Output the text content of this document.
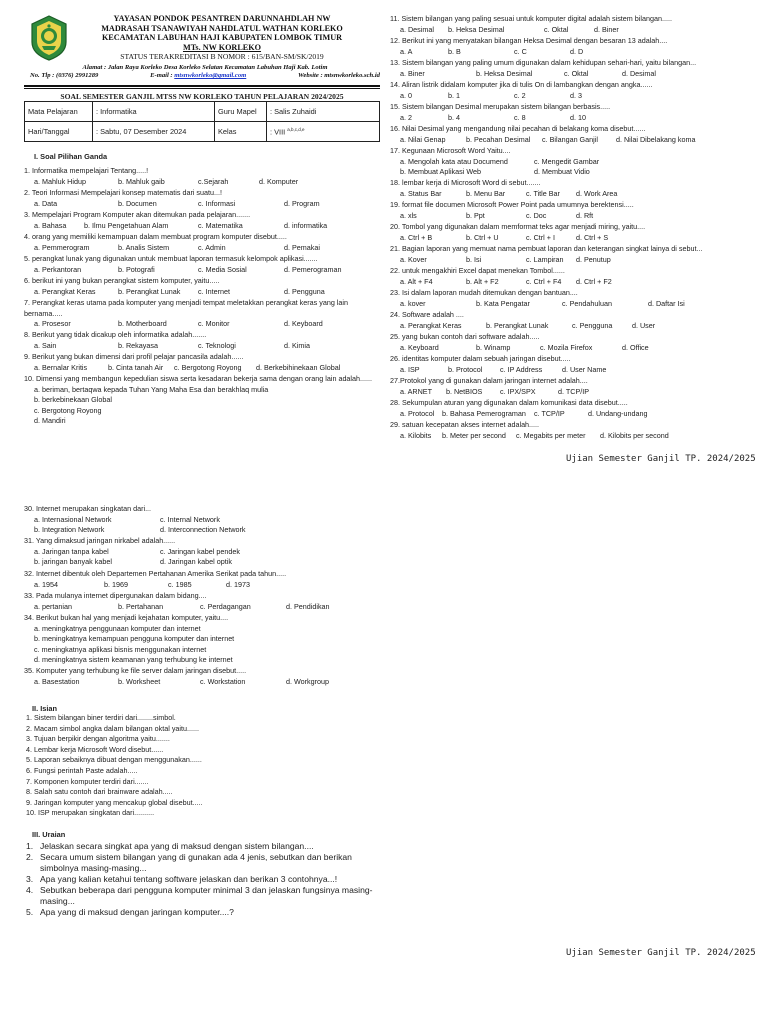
YAYASAN PONDOK PESANTREN DARUNNAHDLAH NW
MADRASAH TSANAWIYAH NAHDLATUL WATHAN KORLEKO
KECAMATAN LABUHAN HAJI KABUPATEN LOMBOK TIMUR
MTs. NW KORLEKO
STATUS TERAKREDITASI B NOMOR : 615/BAN-SM/SK/2019
Alamat : Jalan Raya Korleko Desa Korleko Selatan Kecamatan Labuhan Haji Kab. Lotim
No. Tlp : (0376) 2991289	E-mail : mtsnwkorleko@gmail.com	Website : mtsnwkorleko.sch.id
SOAL SEMESTER GANJIL MTSS NW KORLEKO TAHUN PELAJARAN 2024/2025
Mata Pelajaran	: Informatika	Guru Mapel	: Salis Zuhaidi
Hari/Tanggal	: Sabtu, 07 Desember 2024	Kelas	: VIII $^{a,b,c,d,e}$
I. Soal Pilihan Ganda
1. Informatika mempelajari Tentang.....!
a. Mahluk Hidup	b. Mahluk gaib	c.Sejarah	d. Komputer
2. Teori Informasi Mempelajari konsep matematis dari suatu...!
a. Data	b. Documen	c. Informasi	d. Program
3. Mempelajari Program Komputer akan ditemukan pada pelajaran.......
a. Bahasa	b. Ilmu Pengetahuan Alam	c. Matematika	d. informatika
4. orang yang memiliki kemampuan dalam membuat program komputer disebut.....
a. Pemmerogram	b. Analis Sistem	c. Admin	d. Pemakai
5. perangkat lunak yang digunakan untuk membuat laporan termasuk kelompok aplikasi.......
a. Perkantoran	b. Potografi	c. Media Sosial	d. Pemerograman
6. berikut ini yang bukan perangkat sistem komputer, yaitu.....
a. Perangkat Keras	b. Perangkat Lunak	c. Internet	d. Pengguna
7. Perangkat keras utama pada komputer yang menjadi tempat meletakkan perangkat keras yang lain bernama.....
a. Prosesor	b. Motherboard	c. Monitor	d. Keyboard
8. Berikut yang tidak dicakup oleh informatika adalah.......
a. Sain	b. Rekayasa	c. Teknologi	d. Kimia
9. Berikut yang bukan dimensi dari profil pelajar pancasila adalah......
a. Bernalar Kritis	b. Cinta tanah Air	c. Bergotong Royong	d. Berkebihinekaan Global
10. Dimensi yang membangun kepedulian siswa serta kesadaran bekerja sama dengan orang lain adalah......
a. beriman, bertaqwa kepada Tuhan Yang Maha Esa dan berakhlaq mulia
b. berkebinekaan Global
c. Bergotong Royong
d. Mandiri
11. Sistem bilangan yang paling sesuai untuk komputer digital adalah sistem bilangan.....
a. Desimal	b. Heksa Desimal	c. Oktal	d. Biner
12. Berikut ini yang menyatakan bilangan Heksa Desimal dengan besaran 13 adalah....
a. A	b. B	c. C	d. D
13. Sistem bilangan yang paling umum digunakan dalam kehidupan sehari-hari, yaitu bilangan...
a. Biner	b. Heksa Desimal	c. Oktal	d. Desimal
14. Aliran listrik didalam komputer jika di tulis On di lambangkan dengan angka......
a. 0	b. 1	c. 2	d. 3
15. Sistem bilangan Desimal merupakan sistem bilangan berbasis.....
a. 2	b. 4	c. 8	d. 10
16. Nilai Desimal yang mengandung nilai pecahan di belakang koma disebut......
a. Nilai Genap	b. Pecahan Desimal	c. Bilangan Ganjil	d. Nilai Dibelakang koma
17. Kegunaan Microsoft Word Yaitu....
a. Mengolah kata atau Documend	c. Mengedit Gambar
b. Membuat Aplikasi Web	d. Membuat Vidio
18. lembar kerja di Microsoft Word di sebut.......
a. Status Bar	b. Menu Bar	c. Title Bar	d. Work Area
19. format file documen Microsoft Power Point pada umumnya berektensi.....
a. xls	b. Ppt	c. Doc	d. Rft
20. Tombol yang digunakan dalam memformat teks agar menjadi miring, yaitu....
a. Ctrl + B	b. Ctrl + U	c. Ctrl + I	d. Ctrl + S
21. Bagian laporan yang memuat nama pembuat laporan dan keterangan singkat lainya di sebut...
a. Kover	b. Isi	c. Lampiran	d. Penutup
22. untuk mengakhiri Excel dapat menekan Tombol......
a. Alt + F4	b. Alt + F2	c. Ctrl + F4	d. Ctrl + F2
23. Isi dalam laporan mudah ditemukan dengan bantuan....
a. kover	b. Kata Pengatar	c. Pendahuluan	d. Daftar Isi
24. Software adalah ....
a. Perangkat Keras	b. Perangkat Lunak	c. Pengguna	d. User
25. yang bukan contoh dari software adalah.....
a. Keyboard	b. Winamp	c. Mozila Firefox	d. Office
26. identitas komputer dalam sebuah jaringan disebut.....
a. ISP	b. Protocol	c. IP Address	d. User Name
27.Protokol yang di gunakan dalam jaringan internet adalah....
a. ARNET	b. NetBIOS	c. IPX/SPX	d. TCP/IP
28. Sekumpulan aturan yang digunakan dalam komunikasi data disebut.....
a. Protocol	b. Bahasa Pemerograman	c. TCP/IP	d. Undang-undang
29. satuan kecepatan akses internet adalah.....
a. Kilobits	b. Meter per second	c. Megabits per meter	d. Kilobits per second
Ujian Semester Ganjil TP. 2024/2025
30. Internet merupakan singkatan dari...
a. Internasional Network	c. Internal Network
b. Integration Network	d. Interconnection Network
31. Yang dimaksud jaringan nirkabel adalah......
a. Jaringan tanpa kabel	c. Jaringan kabel pendek
b. jaringan banyak kabel	d. Jaringan kabel optik
32. Internet dibentuk oleh Departemen Pertahanan Amerika Serikat pada tahun.....
a. 1954	b. 1969	c. 1985	d. 1973
33. Pada mulanya internet dipergunakan dalam bidang....
a. pertanian	b. Pertahanan	c. Perdagangan	d. Pendidikan
34. Berikut bukan hal yang menjadi kejahatan komputer, yaitu....
a. meningkatnya penggunaan komputer dan internet
b. meningkatnya kemampuan pengguna komputer dan internet
c. meningkatnya aplikasi bisnis menggunakan internet
d. meningkatnya sistem keamanan yang terhubung ke internet
35. Komputer yang terhubung ke file server dalam jaringan disebut.....
a. Basestation	b. Worksheet	c. Workstation	d. Workgroup
II. Isian
1. Sistem bilangan biner terdiri dari........simbol.
2. Macam simbol angka dalam bilangan oktal yaitu......
3. Tujuan berpikir dengan algoritma yaitu.......
4. Lembar kerja Microsoft Word disebut......
5. Laporan sebaiknya dibuat dengan menggunakan......
6. Fungsi perintah Paste adalah.....
7. Komponen komputer terdiri dari.......
8. Salah satu contoh dari brainware adalah.....
9. Jaringan komputer yang mencakup global disebut.....
10. ISP merupakan singkatan dari..........
III. Uraian
1. Jelaskan secara singkat apa yang di maksud dengan sistem bilangan....
2. Secara umum sistem bilangan yang di gunakan ada 4 jenis, sebutkan dan berikan simbolnya masing-masing...
3. Apa yang kalian ketahui tentang software jelaskan dan berikan 3 contohnya...!
4. Sebutkan beberapa dari pengguna komputer minimal 3 dan jelaskan fungsinya masing-masing...
5. Apa yang di maksud dengan jaringan komputer....?
Ujian Semester Ganjil TP. 2024/2025
